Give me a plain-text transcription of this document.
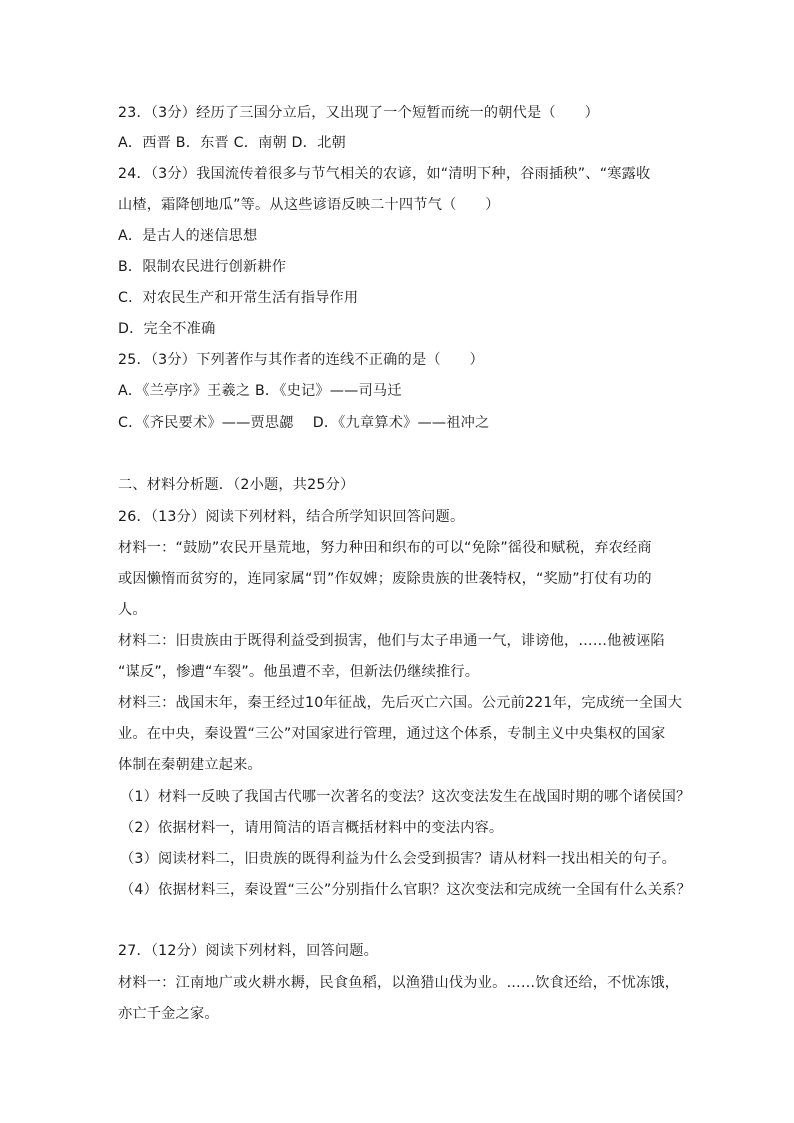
23．（3分）经历了三国分立后，又出现了一个短暂而统一的朝代是（　　）
A．西晋 B．东晋 C．南朝 D．北朝
24．（3分）我国流传着很多与节气相关的农谚，如“清明下种，谷雨插秧”、“寒露收
山楂，霜降刨地瓜”等。从这些谚语反映二十四节气（　　）
A．是古人的迷信思想
B．限制农民进行创新耕作
C．对农民生产和开常生活有指导作用
D．完全不准确
25．（3分）下列著作与其作者的连线不正确的是（　　）
A．《兰亭序》王羲之 B．《史记》——司马迁
C．《齐民要术》——贾思勰　 D．《九章算术》——祖冲之
二、材料分析题．（2小题，共25分）
26．（13分）阅读下列材料，结合所学知识回答问题。
材料一：“鼓励”农民开垦荒地，努力种田和织布的可以“免除”徭役和赋税，弃农经商
或因懒惰而贫穷的，连同家属“罚”作奴婢；废除贵族的世袭特权，“奖励”打仗有功的
人。
材料二：旧贵族由于既得利益受到损害，他们与太子串通一气，诽谤他，……他被诬陷
“谋反”，惨遭“车裂”。他虽遭不幸，但新法仍继续推行。
材料三：战国末年，秦王经过10年征战，先后灭亡六国。公元前221年，完成统一全国大
业。在中央，秦设置“三公”对国家进行管理，通过这个体系，专制主义中央集权的国家
体制在秦朝建立起来。
（1）材料一反映了我国古代哪一次著名的变法？这次变法发生在战国时期的哪个诸侯国？
（2）依据材料一，请用简洁的语言概括材料中的变法内容。
（3）阅读材料二，旧贵族的既得利益为什么会受到损害？请从材料一找出相关的句子。
（4）依据材料三，秦设置“三公”分别指什么官职？这次变法和完成统一全国有什么关系？
27．（12分）阅读下列材料，回答问题。
材料一：江南地广或火耕水耨，民食鱼稻，以渔猎山伐为业。……饮食还给，不忧冻饿，
亦亡千金之家。
